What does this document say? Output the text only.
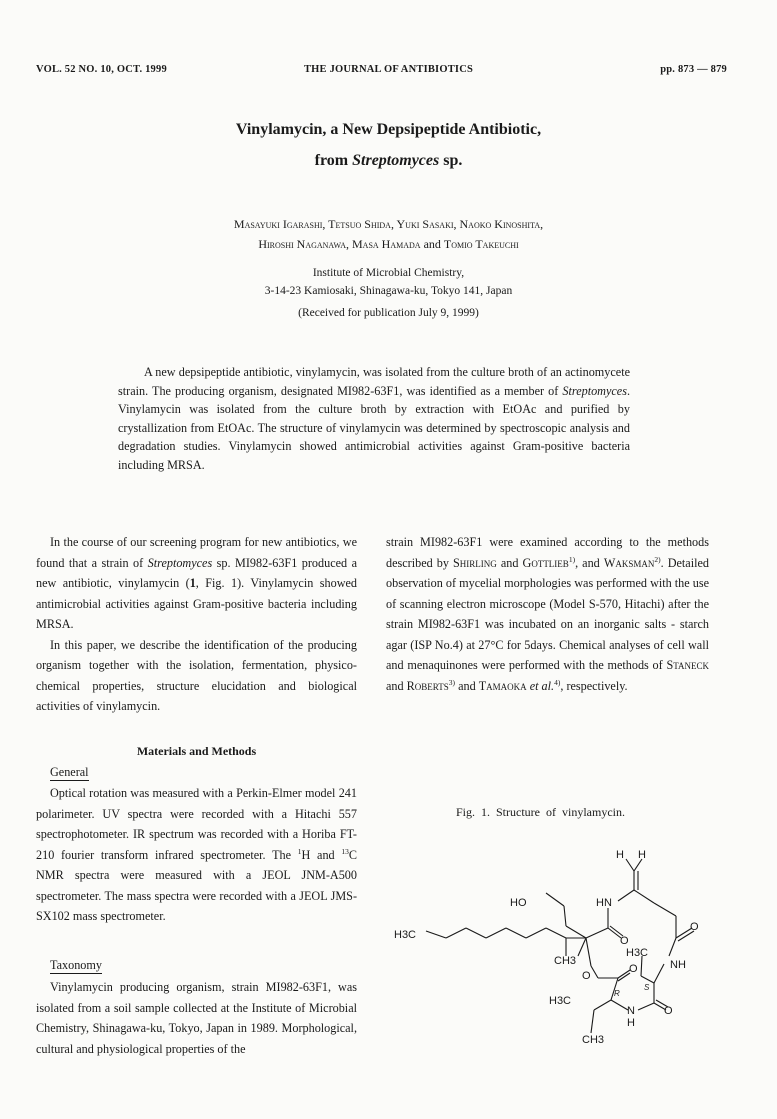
VOL. 52 NO. 10, OCT. 1999	THE JOURNAL OF ANTIBIOTICS	pp. 873 — 879
Vinylamycin, a New Depsipeptide Antibiotic,
from Streptomyces sp.
Masayuki Igarashi, Tetsuo Shida, Yuki Sasaki, Naoko Kinoshita,
Hiroshi Naganawa, Masa Hamada and Tomio Takeuchi
Institute of Microbial Chemistry,
3-14-23 Kamiosaki, Shinagawa-ku, Tokyo 141, Japan
(Received for publication July 9, 1999)
A new depsipeptide antibiotic, vinylamycin, was isolated from the culture broth of an actinomycete strain. The producing organism, designated MI982-63F1, was identified as a member of Streptomyces. Vinylamycin was isolated from the culture broth by extraction with EtOAc and purified by crystallization from EtOAc. The structure of vinylamycin was determined by spectroscopic analysis and degradation studies. Vinylamycin showed antimicrobial activities against Gram-positive bacteria including MRSA.

In the course of our screening program for new antibiotics, we found that a strain of Streptomyces sp. MI982-63F1 produced a new antibiotic, vinylamycin (1, Fig. 1). Vinylamycin showed antimicrobial activities against Gram-positive bacteria including MRSA.

In this paper, we describe the identification of the producing organism together with the isolation, fermentation, physico-chemical properties, structure elucidation and biological activities of vinylamycin.

strain MI982-63F1 were examined according to the methods described by Shirling and Gottlieb$^{1)}$, and Waksman$^{2)}$. Detailed observation of mycelial morphologies was performed with the use of scanning electron microscope (Model S-570, Hitachi) after the strain MI982-63F1 was incubated on an inorganic salts - starch agar (ISP No.4) at 27°C for 5days. Chemical analyses of cell wall and menaquinones were performed with the methods of Staneck and Roberts$^{3)}$ and Tamaoka et al.$^{4)}$, respectively.

Materials and Methods
General

Optical rotation was measured with a Perkin-Elmer model 241 polarimeter. UV spectra were recorded with a Hitachi 557 spectrophotometer. IR spectrum was recorded with a Horiba FT-210 fourier transform infrared spectrometer. The $^1$H and $^{13}$C NMR spectra were measured with a JEOL JNM-A500 spectrometer. The mass spectra were recorded with a JEOL JMS-SX102 mass spectrometer.

Taxonomy

Vinylamycin producing organism, strain MI982-63F1, was isolated from a soil sample collected at the Institute of Microbial Chemistry, Shinagawa-ku, Tokyo, Japan in 1989. Morphological, cultural and physiological properties of the

Fig. 1. Structure of vinylamycin.
H H
HO	HN
O
O
NH
O
O
O
N
H
H3C
H3C
H3C
CH3
CH3
S
R
